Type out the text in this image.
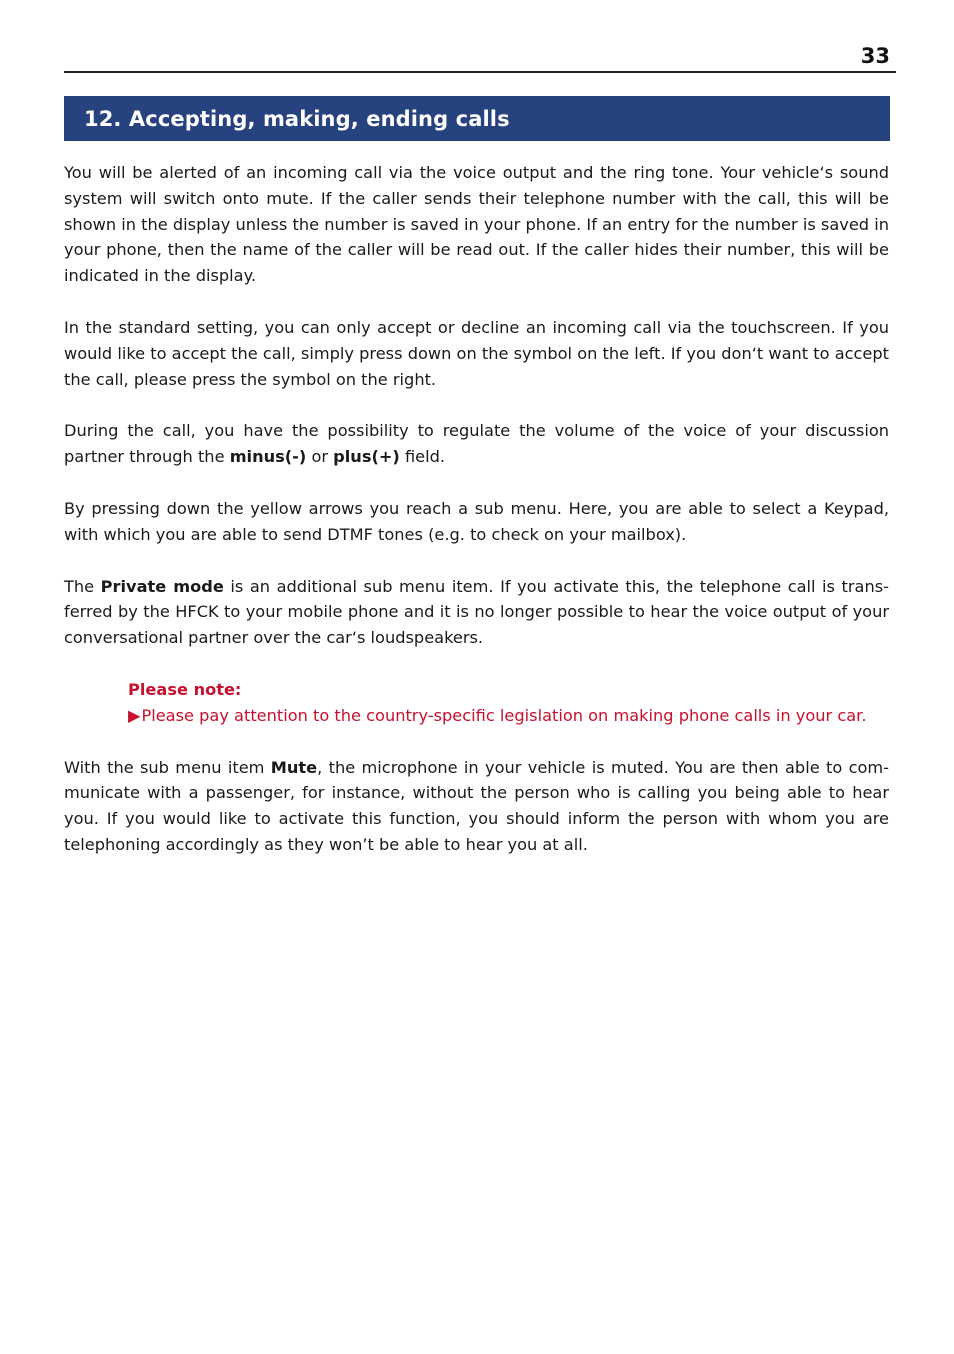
33
12. Accepting, making, ending calls

You will be alerted of an incoming call via the voice output and the ring tone. Your vehicle‘s sound system will switch onto mute. If the caller sends their telephone number with the call, this will be shown in the display unless the number is saved in your phone. If an entry for the number is saved in your phone, then the name of the caller will be read out. If the caller hides their number, this will be indicated in the display.

In the standard setting, you can only accept or decline an incoming call via the touchscreen. If you would like to accept the call, simply press down on the symbol on the left. If you don‘t want to accept the call, please press the symbol on the right.

During the call, you have the possibility to regulate the volume of the voice of your discussion partner through the minus(-) or plus(+) field.

By pressing down the yellow arrows you reach a sub menu. Here, you are able to select a Keypad, with which you are able to send DTMF tones (e.g. to check on your mailbox).

The Private mode is an additional sub menu item. If you activate this, the telephone call is transferred by the HFCK to your mobile phone and it is no longer possible to hear the voice output of your conversational partner over the car‘s loudspeakers.

Please note:
▶Please pay attention to the country-specific legislation on making phone calls in your car.

With the sub menu item Mute, the microphone in your vehicle is muted. You are then able to communicate with a passenger, for instance, without the person who is calling you being able to hear you. If you would like to activate this function, you should inform the person with whom you are telephoning accordingly as they won’t be able to hear you at all.
